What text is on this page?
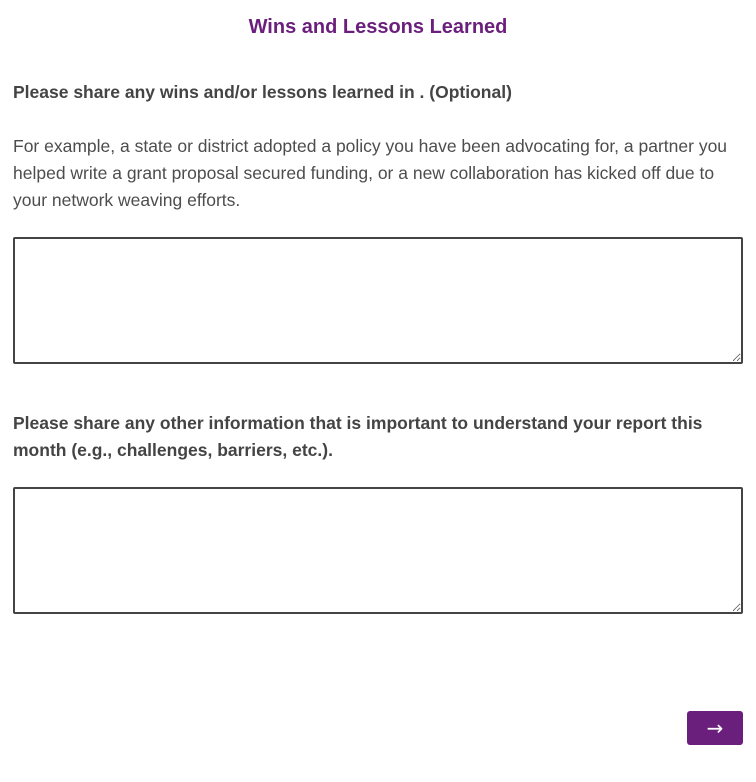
Wins and Lessons Learned

Please share any wins and/or lessons learned in . (Optional)

For example, a state or district adopted a policy you have been advocating for, a partner you helped write a grant proposal secured funding, or a new collaboration has kicked off due to your network weaving efforts.

Please share any other information that is important to understand your report this month (e.g., challenges, barriers, etc.).

→
